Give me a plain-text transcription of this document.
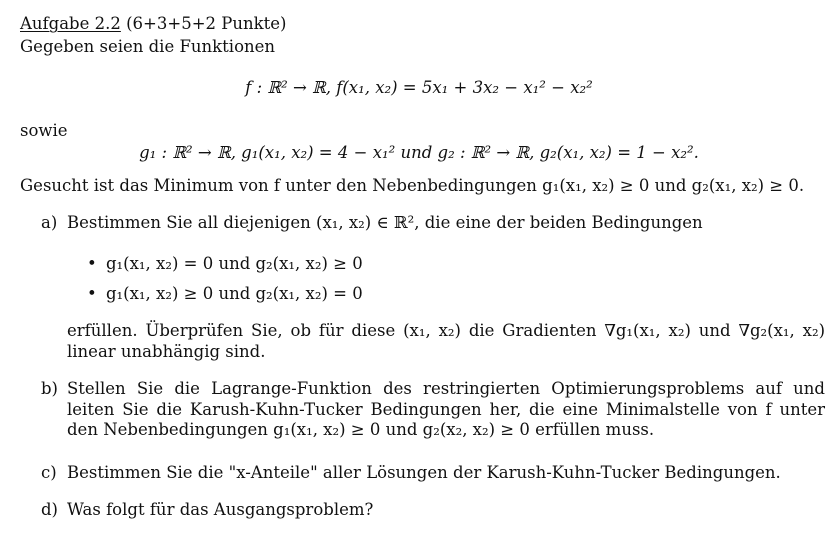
Aufgabe 2.2 (6+3+5+2 Punkte)
Gegeben seien die Funktionen
f : ℝ² → ℝ, f(x₁, x₂) = 5x₁ + 3x₂ − x₁² − x₂²
sowie
g₁ : ℝ² → ℝ, g₁(x₁, x₂) = 4 − x₁² und g₂ : ℝ² → ℝ, g₂(x₁, x₂) = 1 − x₂².
Gesucht ist das Minimum von f unter den Nebenbedingungen g₁(x₁, x₂) ≥ 0 und g₂(x₁, x₂) ≥ 0.
a) Bestimmen Sie all diejenigen (x₁, x₂) ∈ ℝ², die eine der beiden Bedingungen
• g₁(x₁, x₂) = 0 und g₂(x₁, x₂) ≥ 0
• g₁(x₁, x₂) ≥ 0 und g₂(x₁, x₂) = 0
erfüllen. Überprüfen Sie, ob für diese (x₁, x₂) die Gradienten ∇g₁(x₁, x₂) und ∇g₂(x₁, x₂) linear unabhängig sind.
b) Stellen Sie die Lagrange-Funktion des restringierten Optimierungsproblems auf und leiten Sie die Karush-Kuhn-Tucker Bedingungen her, die eine Minimalstelle von f unter den Nebenbedingungen g₁(x₁, x₂) ≥ 0 und g₂(x₂, x₂) ≥ 0 erfüllen muss.
c) Bestimmen Sie die "x-Anteile" aller Lösungen der Karush-Kuhn-Tucker Bedingungen.
d) Was folgt für das Ausgangsproblem?
